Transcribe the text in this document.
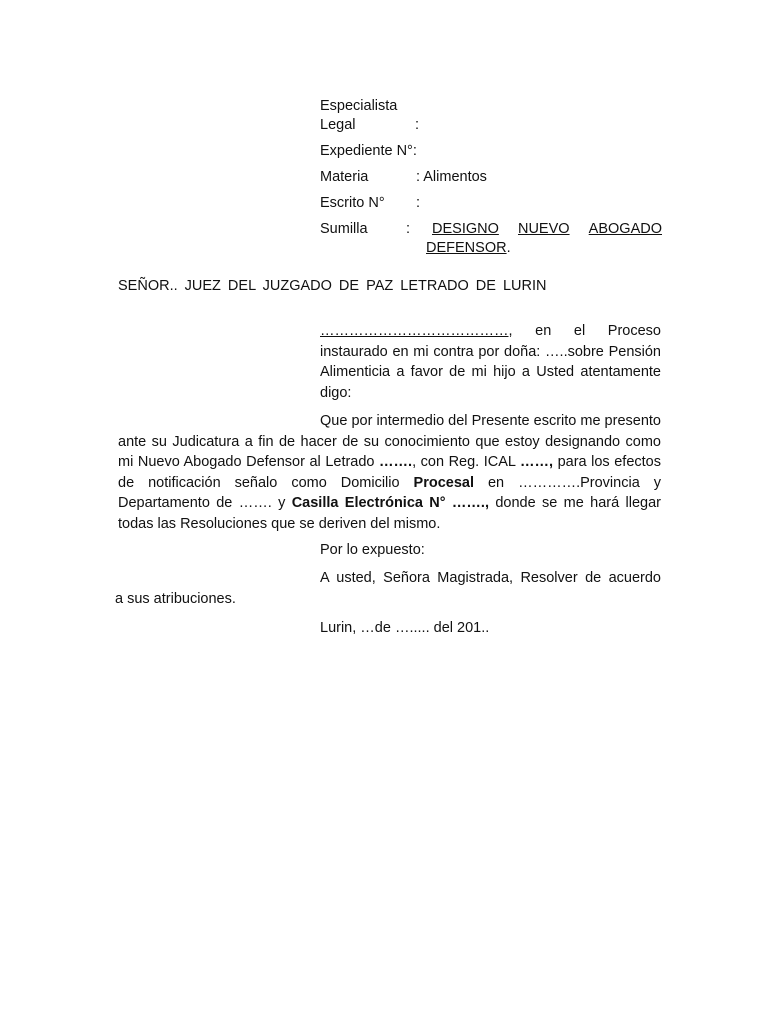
Especialista
Legal	:
Expediente N°:
Materia	: Alimentos
Escrito N° :
Sumilla	: DESIGNO NUEVO ABOGADO
DEFENSOR.
SEÑOR.. JUEZ DEL JUZGADO DE PAZ LETRADO DE LURIN
…………………………………, en el Proceso instaurado en mi contra por doña: …..sobre Pensión Alimenticia a favor de mi hijo a Usted atentamente digo:
Que por intermedio del Presente escrito me presento ante su Judicatura a fin de hacer de su conocimiento que estoy designando como mi Nuevo Abogado Defensor al Letrado ……., con Reg. ICAL ……, para los efectos de notificación señalo como Domicilio Procesal en ………….Provincia y Departamento de ……. y Casilla Electrónica N° ……., donde se me hará llegar todas las Resoluciones que se deriven del mismo.
Por lo expuesto:
A usted, Señora Magistrada, Resolver de acuerdo
a sus atribuciones.
Lurin, …de …..... del 201..
